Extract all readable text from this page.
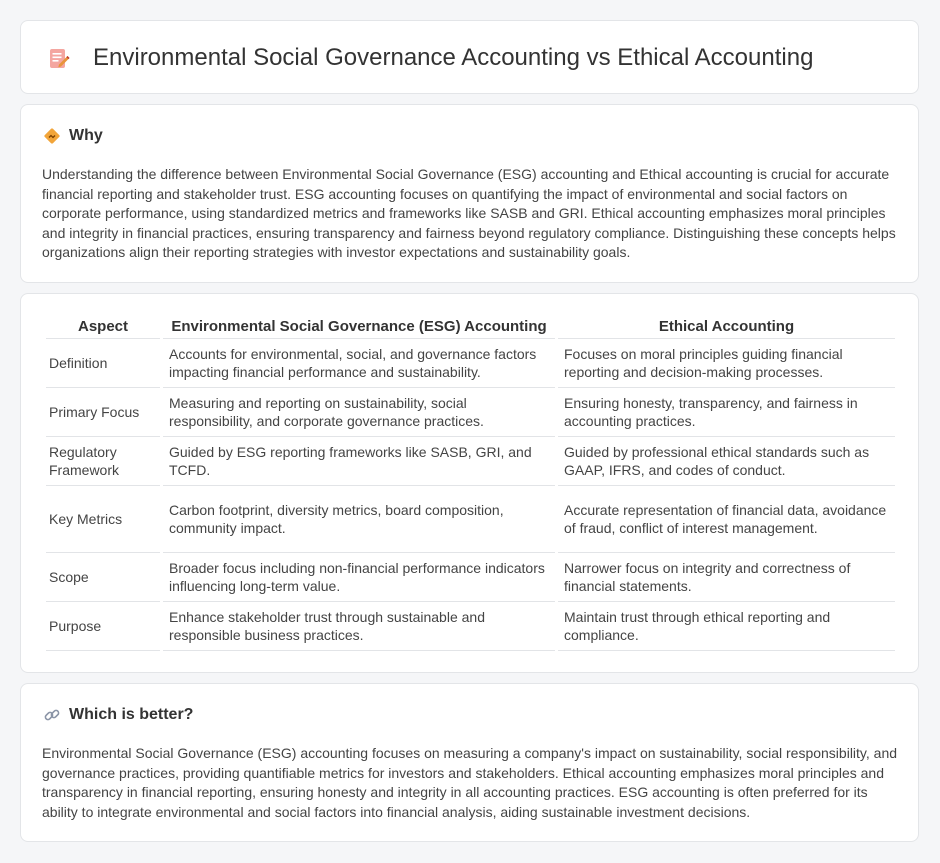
Environmental Social Governance Accounting vs Ethical Accounting
Why

Understanding the difference between Environmental Social Governance (ESG) accounting and Ethical accounting is crucial for accurate financial reporting and stakeholder trust. ESG accounting focuses on quantifying the impact of environmental and social factors on corporate performance, using standardized metrics and frameworks like SASB and GRI. Ethical accounting emphasizes moral principles and integrity in financial practices, ensuring transparency and fairness beyond regulatory compliance. Distinguishing these concepts helps organizations align their reporting strategies with investor expectations and sustainability goals.

Aspect	Environmental Social Governance (ESG) Accounting	Ethical Accounting
Definition	Accounts for environmental, social, and governance factors impacting financial performance and sustainability.	Focuses on moral principles guiding financial reporting and decision-making processes.
Primary Focus	Measuring and reporting on sustainability, social responsibility, and corporate governance practices.	Ensuring honesty, transparency, and fairness in accounting practices.
Regulatory Framework	Guided by ESG reporting frameworks like SASB, GRI, and TCFD.	Guided by professional ethical standards such as GAAP, IFRS, and codes of conduct.
Key Metrics	Carbon footprint, diversity metrics, board composition, community impact.	Accurate representation of financial data, avoidance of fraud, conflict of interest management.
Scope	Broader focus including non-financial performance indicators influencing long-term value.	Narrower focus on integrity and correctness of financial statements.
Purpose	Enhance stakeholder trust through sustainable and responsible business practices.	Maintain trust through ethical reporting and compliance.
Which is better?

Environmental Social Governance (ESG) accounting focuses on measuring a company's impact on sustainability, social responsibility, and governance practices, providing quantifiable metrics for investors and stakeholders. Ethical accounting emphasizes moral principles and transparency in financial reporting, ensuring honesty and integrity in all accounting practices. ESG accounting is often preferred for its ability to integrate environmental and social factors into financial analysis, aiding sustainable investment decisions.
